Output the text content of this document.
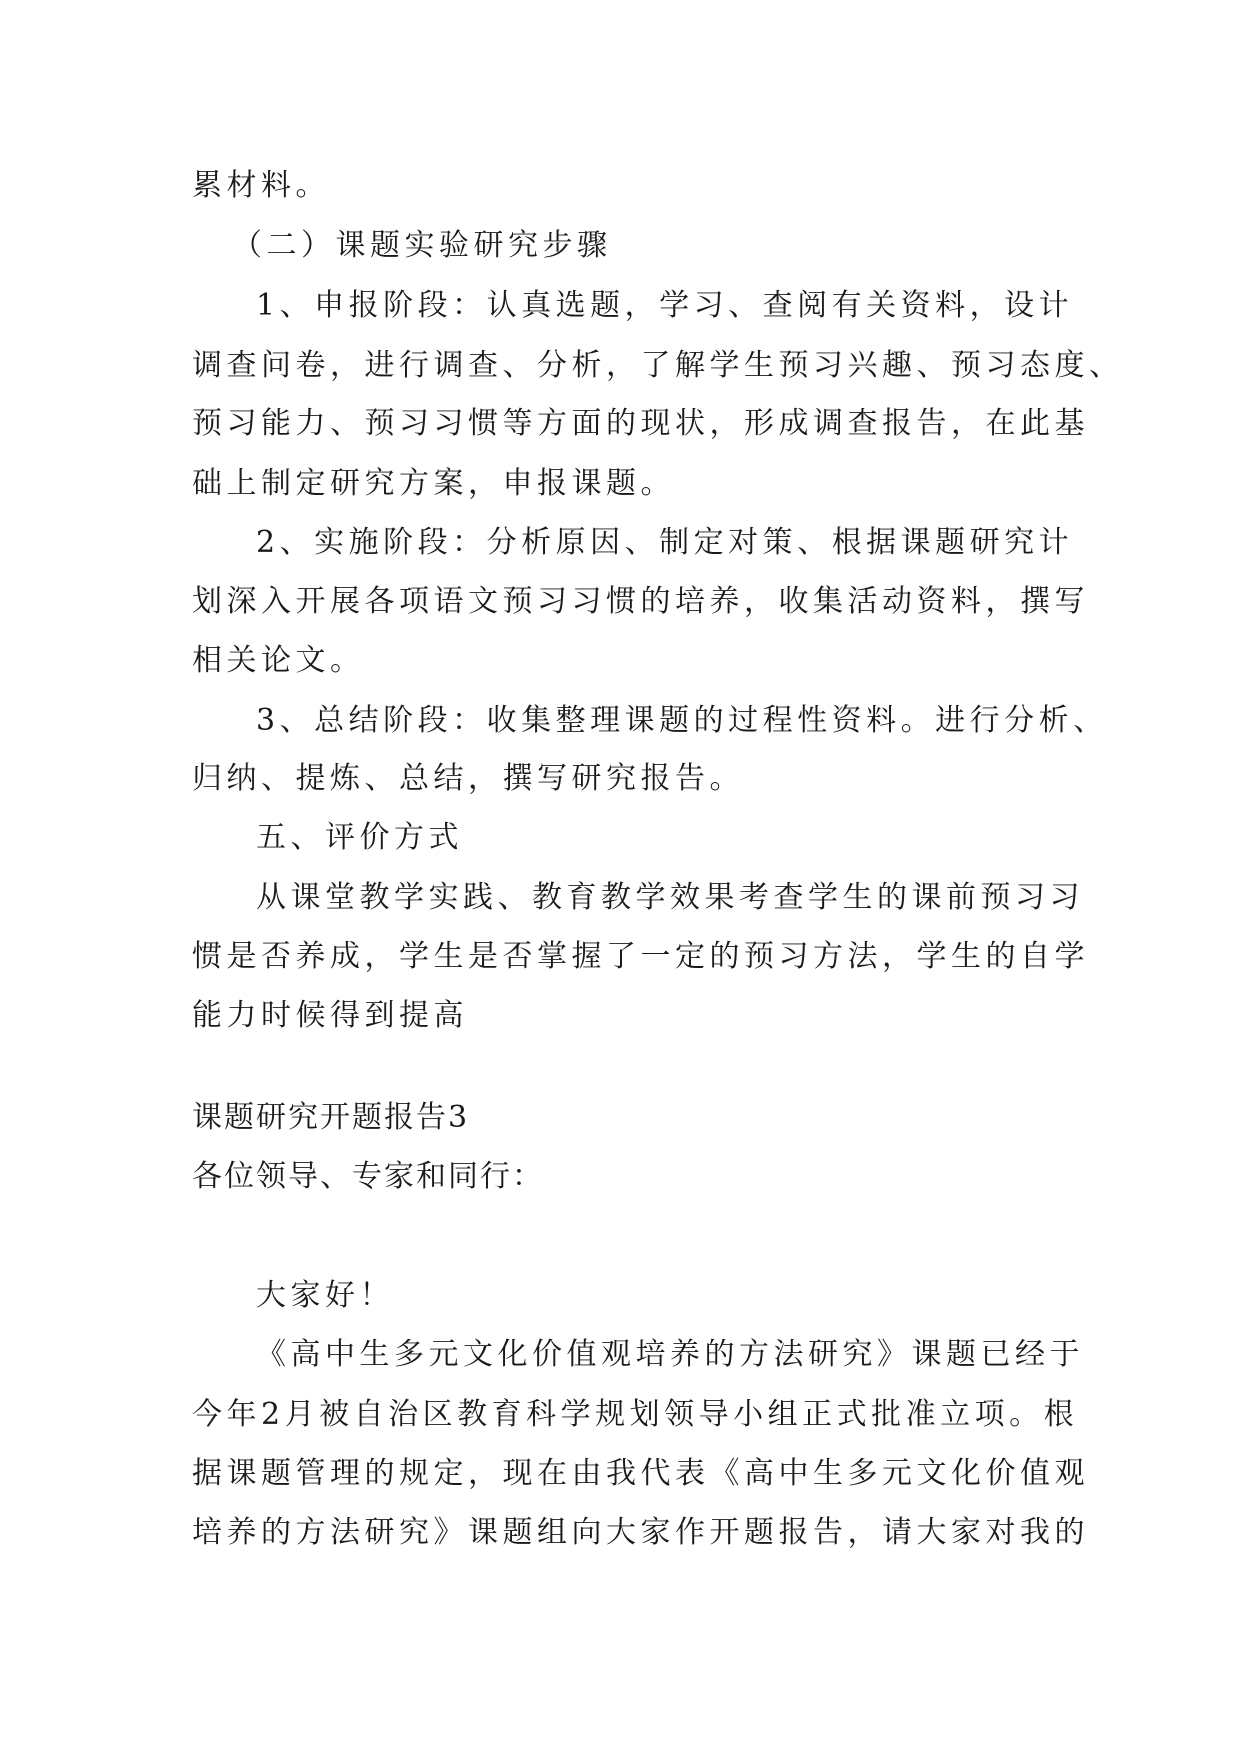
累材料。
（二）课题实验研究步骤
1、申报阶段：认真选题，学习、查阅有关资料，设计
调查问卷，进行调查、分析，了解学生预习兴趣、预习态度、
预习能力、预习习惯等方面的现状，形成调查报告，在此基
础上制定研究方案，申报课题。
2、实施阶段：分析原因、制定对策、根据课题研究计
划深入开展各项语文预习习惯的培养，收集活动资料，撰写
相关论文。
3、总结阶段：收集整理课题的过程性资料。进行分析、
归纳、提炼、总结，撰写研究报告。
五、评价方式
从课堂教学实践、教育教学效果考查学生的课前预习习
惯是否养成，学生是否掌握了一定的预习方法，学生的自学
能力时候得到提高
课题研究开题报告3
各位领导、专家和同行：
大家好！
《高中生多元文化价值观培养的方法研究》课题已经于
今年2月被自治区教育科学规划领导小组正式批准立项。根
据课题管理的规定，现在由我代表《高中生多元文化价值观
培养的方法研究》课题组向大家作开题报告，请大家对我的
